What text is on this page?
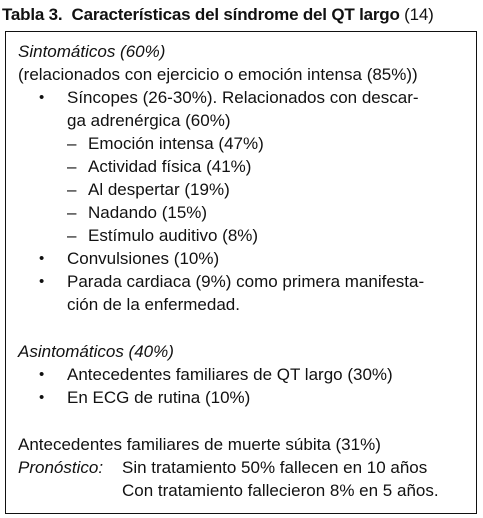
Tabla 3. Características del síndrome del QT largo (14)
Sintomáticos (60%)
(relacionados con ejercicio o emoción intensa (85%))
• Síncopes (26-30%). Relacionados con descar-
ga adrenérgica (60%)
– Emoción intensa (47%)
– Actividad física (41%)
– Al despertar (19%)
– Nadando (15%)
– Estímulo auditivo (8%)
• Convulsiones (10%)
• Parada cardiaca (9%) como primera manifesta-
ción de la enfermedad.
Asintomáticos (40%)
• Antecedentes familiares de QT largo (30%)
• En ECG de rutina (10%)
Antecedentes familiares de muerte súbita (31%)
Pronóstico: Sin tratamiento 50% fallecen en 10 años
Con tratamiento fallecieron 8% en 5 años.
